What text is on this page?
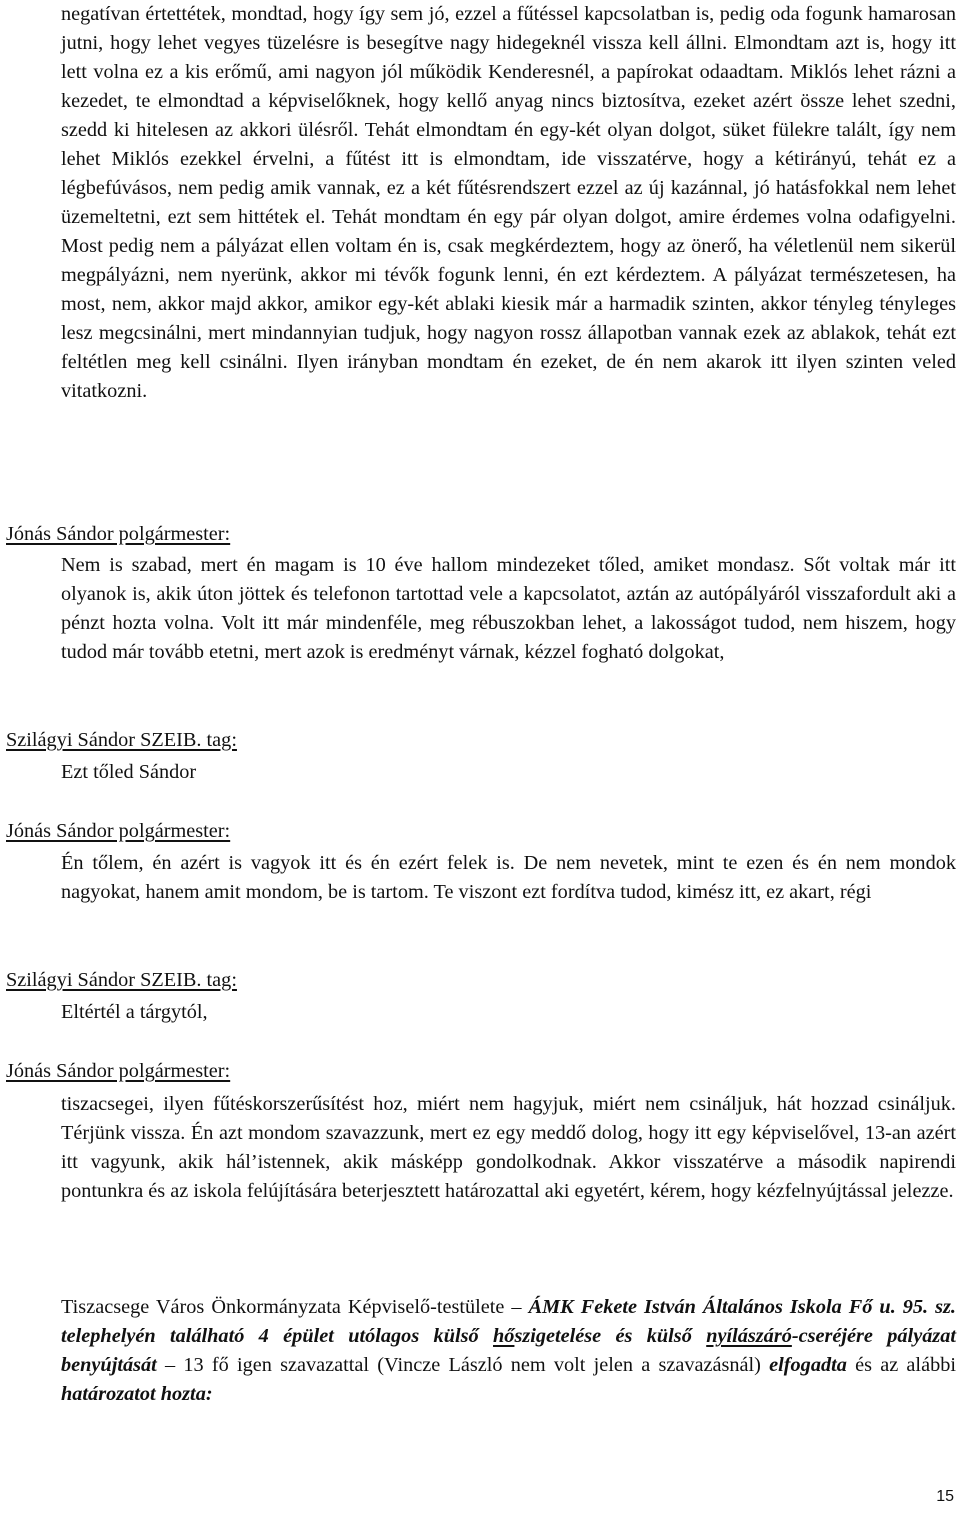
negatívan értettétek, mondtad, hogy így sem jó, ezzel a fűtéssel kapcsolatban is, pedig oda fogunk hamarosan jutni, hogy lehet vegyes tüzelésre is besegítve nagy hidegeknél vissza kell állni. Elmondtam azt is, hogy itt lett volna ez a kis erőmű, ami nagyon jól működik Kenderesnél, a papírokat odaadtam. Miklós lehet rázni a kezedet, te elmondtad a képviselőknek, hogy kellő anyag nincs biztosítva, ezeket azért össze lehet szedni, szedd ki hitelesen az akkori ülésről. Tehát elmondtam én egy-két olyan dolgot, süket fülekre talált, így nem lehet Miklós ezekkel érvelni, a fűtést itt is elmondtam, ide visszatérve, hogy a kétirányú, tehát ez a légbefúvásos, nem pedig amik vannak, ez a két fűtésrendszert ezzel az új kazánnal, jó hatásfokkal nem lehet üzemeltetni, ezt sem hittétek el. Tehát mondtam én egy pár olyan dolgot, amire érdemes volna odafigyelni. Most pedig nem a pályázat ellen voltam én is, csak megkérdeztem, hogy az önerő, ha véletlenül nem sikerül megpályázni, nem nyerünk, akkor mi tévők fogunk lenni, én ezt kérdeztem. A pályázat természetesen, ha most, nem, akkor majd akkor, amikor egy-két ablaki kiesik már a harmadik szinten, akkor tényleg tényleges lesz megcsinálni, mert mindannyian tudjuk, hogy nagyon rossz állapotban vannak ezek az ablakok, tehát ezt feltétlen meg kell csinálni. Ilyen irányban mondtam én ezeket, de én nem akarok itt ilyen szinten veled vitatkozni.

Jónás Sándor polgármester:

Nem is szabad, mert én magam is 10 éve hallom mindezeket tőled, amiket mondasz. Sőt voltak már itt olyanok is, akik úton jöttek és telefonon tartottad vele a kapcsolatot, aztán az autópályáról visszafordult aki a pénzt hozta volna. Volt itt már mindenféle, meg rébuszokban lehet, a lakosságot tudod, nem hiszem, hogy tudod már tovább etetni, mert azok is eredményt várnak, kézzel fogható dolgokat,

Szilágyi Sándor SZEIB. tag:

Ezt tőled Sándor

Jónás Sándor polgármester:

Én tőlem, én azért is vagyok itt és én ezért felek is. De nem nevetek, mint te ezen és én nem mondok nagyokat, hanem amit mondom, be is tartom. Te viszont ezt fordítva tudod, kimész itt, ez akart, régi

Szilágyi Sándor SZEIB. tag:

Eltértél a tárgytól,

Jónás Sándor polgármester:

tiszacsegei, ilyen fűtéskorszerűsítést hoz, miért nem hagyjuk, miért nem csináljuk, hát hozzad csináljuk. Térjünk vissza. Én azt mondom szavazzunk, mert ez egy meddő dolog, hogy itt egy képviselővel, 13-an azért itt vagyunk, akik hál’istennek, akik másképp gondolkodnak. Akkor visszatérve a második napirendi pontunkra és az iskola felújítására beterjesztett határozattal aki egyetért, kérem, hogy kézfelnyújtással jelezze.

Tiszacsege Város Önkormányzata Képviselő-testülete – ÁMK Fekete István Általános Iskola Fő u. 95. sz. telephelyén található 4 épület utólagos külső hőszigetelése és külső nyílászáró-cseréjére pályázat benyújtását – 13 fő igen szavazattal (Vincze László nem volt jelen a szavazásnál) elfogadta és az alábbi határozatot hozta:

15
